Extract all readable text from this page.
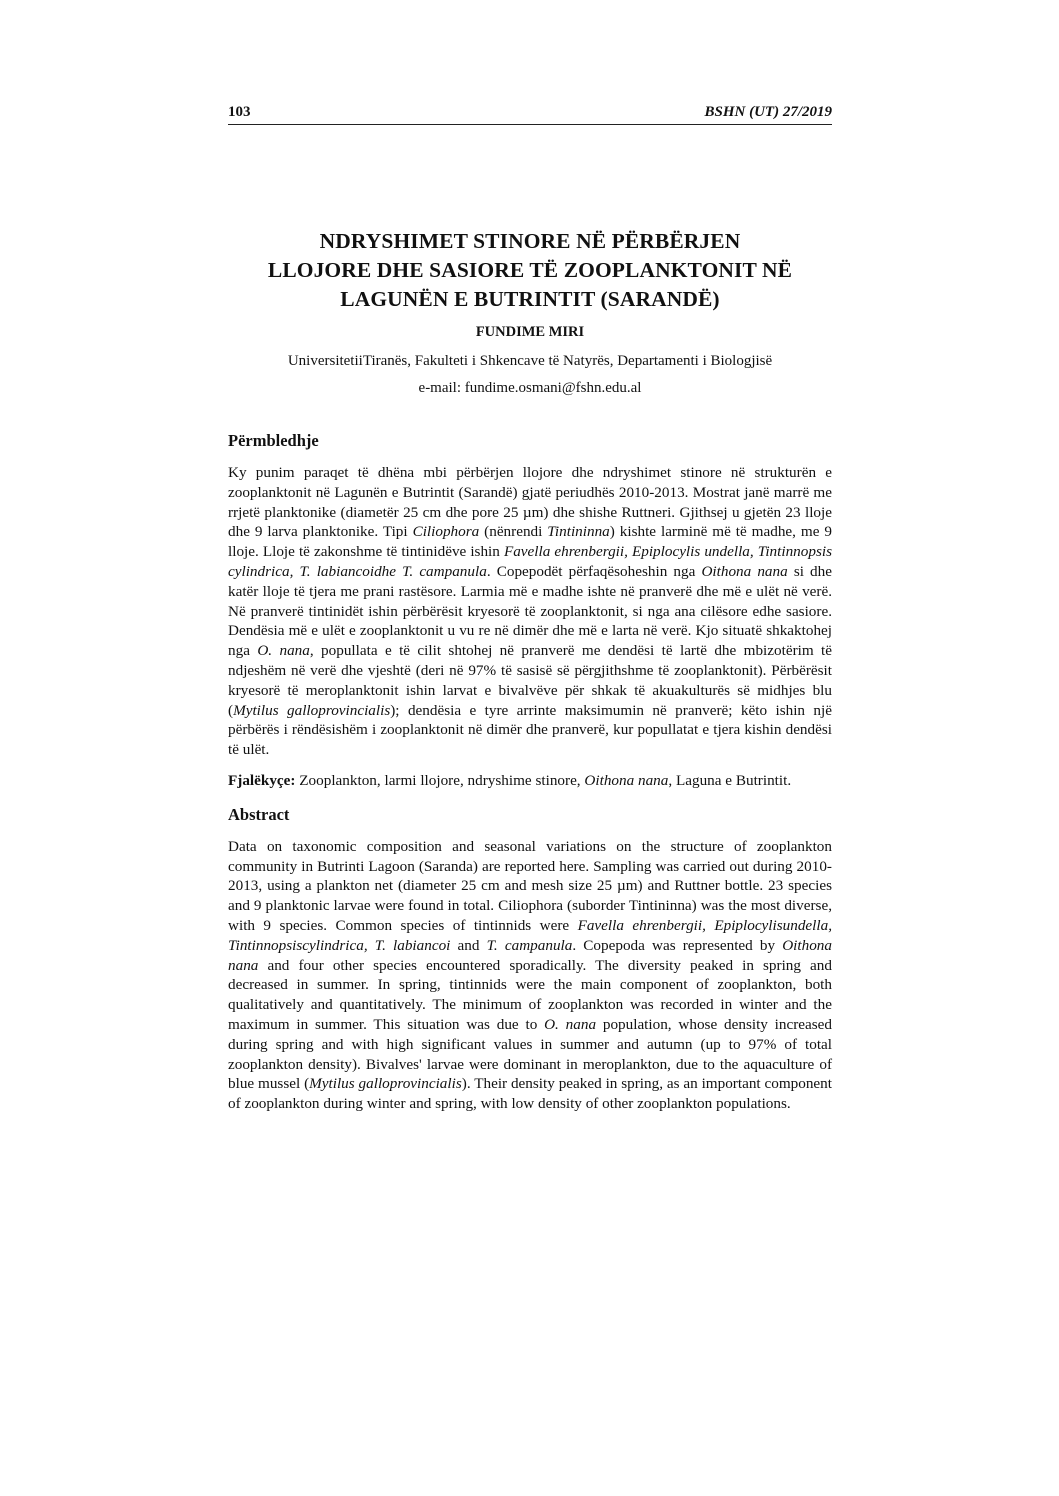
103	BSHN (UT) 27/2019
NDRYSHIMET STINORE NË PËRBËRJEN
LLOJORE DHE SASIORE TË ZOOPLANKTONIT NË
LAGUNËN E BUTRINTIT (SARANDË)
FUNDIME MIRI
UniversitetiiTiranës, Fakulteti i Shkencave të Natyrës, Departamenti i Biologjisë
e-mail: fundime.osmani@fshn.edu.al
Përmbledhje
Ky punim paraqet të dhëna mbi përbërjen llojore dhe ndryshimet stinore në strukturën e zooplanktonit në Lagunën e Butrintit (Sarandë) gjatë periudhës 2010-2013. Mostrat janë marrë me rrjetë planktonike (diametër 25 cm dhe pore 25 µm) dhe shishe Ruttneri. Gjithsej u gjetën 23 lloje dhe 9 larva planktonike. Tipi Ciliophora (nënrendi Tintininna) kishte larminë më të madhe, me 9 lloje. Lloje të zakonshme të tintinidëve ishin Favella ehrenbergii, Epiplocylis undella, Tintinnopsis cylindrica, T. labiancoidhe T. campanula. Copepodët përfaqësoheshin nga Oithona nana si dhe katër lloje të tjera me prani rastësore. Larmia më e madhe ishte në pranverë dhe më e ulët në verë. Në pranverë tintinidët ishin përbërësit kryesorë të zooplanktonit, si nga ana cilësore edhe sasiore. Dendësia më e ulët e zooplanktonit u vu re në dimër dhe më e larta në verë. Kjo situatë shkaktohej nga O. nana, popullata e të cilit shtohej në pranverë me dendësi të lartë dhe mbizotërim të ndjeshëm në verë dhe vjeshtë (deri në 97% të sasisë së përgjithshme të zooplanktonit). Përbërësit kryesorë të meroplanktonit ishin larvat e bivalvëve për shkak të akuakulturës së midhjes blu (Mytilus galloprovincialis); dendësia e tyre arrinte maksimumin në pranverë; këto ishin një përbërës i rëndësishëm i zooplanktonit në dimër dhe pranverë, kur popullatat e tjera kishin dendësi të ulët.
Fjalëkyçe: Zooplankton, larmi llojore, ndryshime stinore, Oithona nana, Laguna e Butrintit.
Abstract
Data on taxonomic composition and seasonal variations on the structure of zooplankton community in Butrinti Lagoon (Saranda) are reported here. Sampling was carried out during 2010-2013, using a plankton net (diameter 25 cm and mesh size 25 µm) and Ruttner bottle. 23 species and 9 planktonic larvae were found in total. Ciliophora (suborder Tintininna) was the most diverse, with 9 species. Common species of tintinnids were Favella ehrenbergii, Epiplocylisundella, Tintinnopsiscylindrica, T. labiancoi and T. campanula. Copepoda was represented by Oithona nana and four other species encountered sporadically. The diversity peaked in spring and decreased in summer. In spring, tintinnids were the main component of zooplankton, both qualitatively and quantitatively. The minimum of zooplankton was recorded in winter and the maximum in summer. This situation was due to O. nana population, whose density increased during spring and with high significant values in summer and autumn (up to 97% of total zooplankton density). Bivalves' larvae were dominant in meroplankton, due to the aquaculture of blue mussel (Mytilus galloprovincialis). Their density peaked in spring, as an important component of zooplankton during winter and spring, with low density of other zooplankton populations.
